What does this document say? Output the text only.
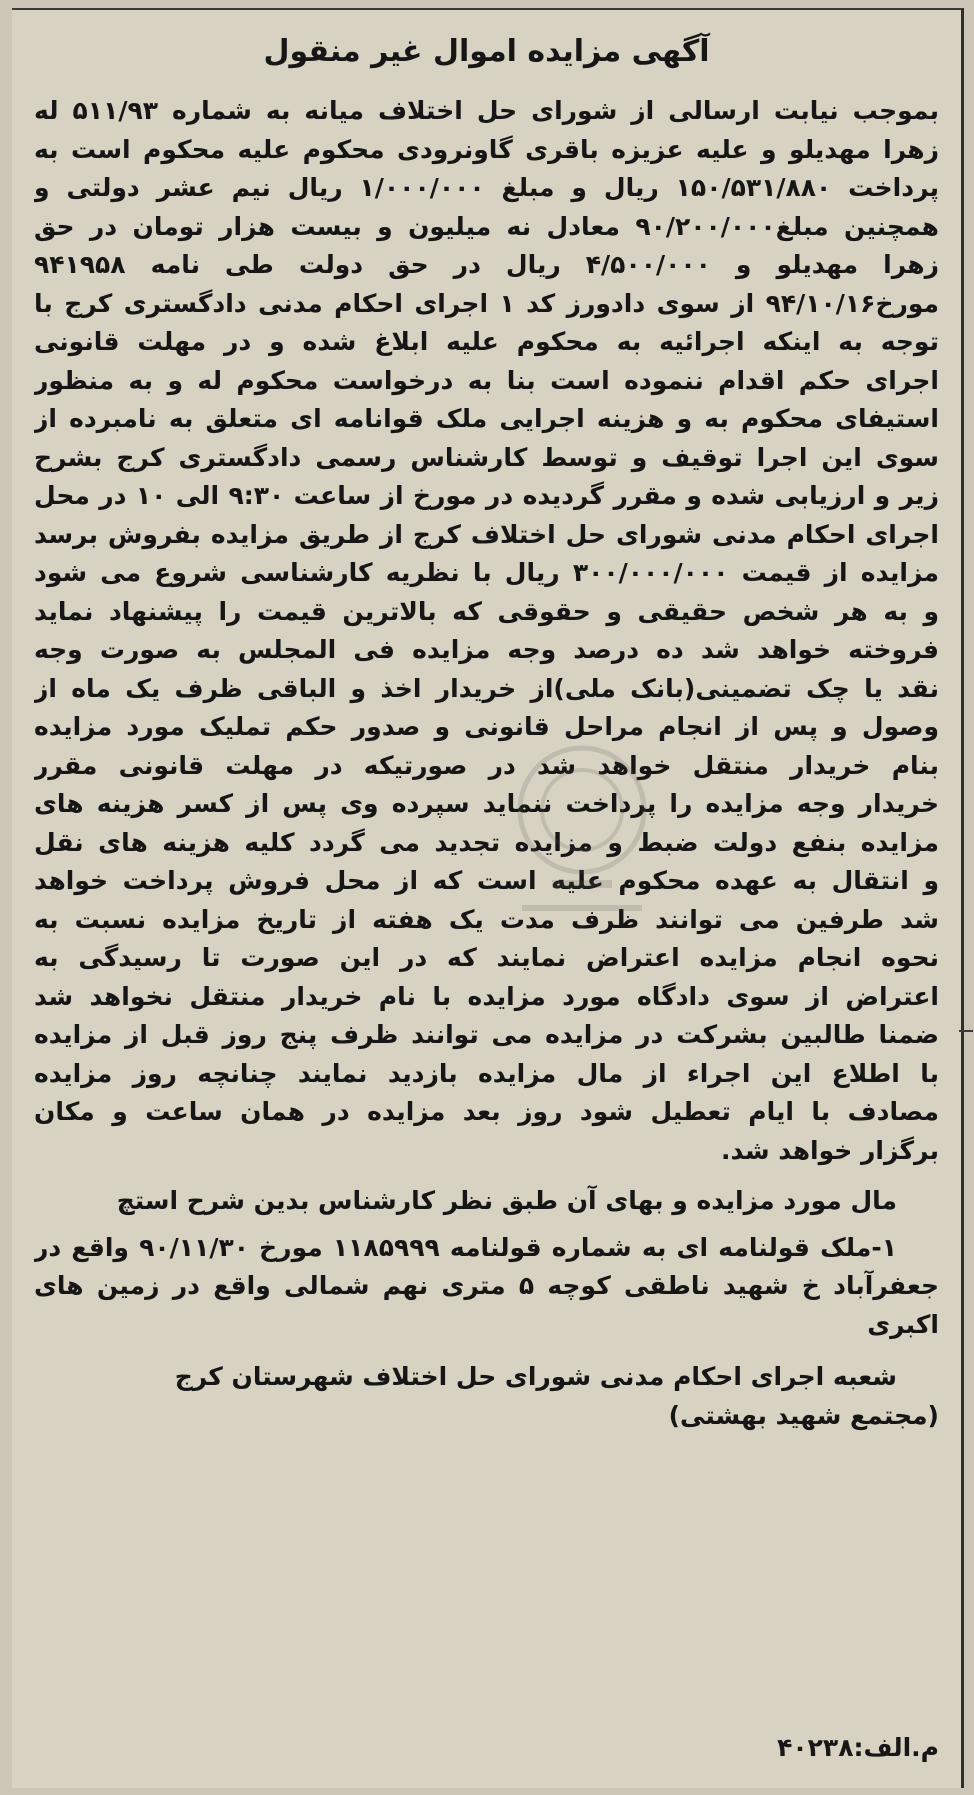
آگهی مزایده اموال غیر منقول
بموجب نیابت ارسالی از شورای حل اختلاف میانه به شماره ۵۱۱/۹۳ له
زهرا مهدیلو و علیه عزیزه باقری گاونرودی محکوم علیه محکوم است به
پرداخت ۱۵۰/۵۳۱/۸۸۰ ریال و مبلغ ۱/۰۰۰/۰۰۰ ریال نیم عشر دولتی و
همچنین مبلغ۹۰/۲۰۰/۰۰۰ معادل نه میلیون و بیست هزار تومان در حق
زهرا مهدیلو و ۴/۵۰۰/۰۰۰ ریال در حق دولت طی نامه ۹۴۱۹۵۸
مورخ۹۴/۱۰/۱۶ از سوی دادورز کد ۱ اجرای احکام مدنی دادگستری کرج با
توجه به اینکه اجرائیه به محکوم علیه ابلاغ شده و در مهلت قانونی
اجرای حکم اقدام ننموده است بنا به درخواست محکوم له و به منظور
استیفای محکوم به و هزینه اجرایی ملک قوانامه ای متعلق به نامبرده از
سوی این اجرا توقیف و توسط کارشناس رسمی دادگستری کرج بشرح
زیر و ارزیابی شده و مقرر گردیده در مورخ از ساعت ۹:۳۰ الی ۱۰ در محل
اجرای احکام مدنی شورای حل اختلاف کرج از طریق مزایده بفروش برسد
مزایده از قیمت ۳۰۰/۰۰۰/۰۰۰ ریال با نظریه کارشناسی شروع می شود
و به هر شخص حقیقی و حقوقی که بالاترین قیمت را پیشنهاد نماید
فروخته خواهد شد ده درصد وجه مزایده فی المجلس به صورت وجه
نقد یا چک تضمینی(بانک ملی)از خریدار اخذ و الباقی ظرف یک ماه از
وصول و پس از انجام مراحل قانونی و صدور حکم تملیک مورد مزایده
بنام خریدار منتقل خواهد شد در صورتیکه در مهلت قانونی مقرر
خریدار وجه مزایده را پرداخت ننماید سپرده وی پس از کسر هزینه های
مزایده بنفع دولت ضبط و مزایده تجدید می گردد کلیه هزینه های نقل
و انتقال به عهده محکوم علیه است که از محل فروش پرداخت خواهد
شد طرفین می توانند ظرف مدت یک هفته از تاریخ مزایده نسبت به
نحوه انجام مزایده اعتراض نمایند که در این صورت تا رسیدگی به
اعتراض از سوی دادگاه مورد مزایده با نام خریدار منتقل نخواهد شد
ضمنا طالبین بشرکت در مزایده می توانند ظرف پنج روز قبل از مزایده
با اطلاع این اجراء از مال مزایده بازدید نمایند چنانچه روز مزایده
مصادف با ایام تعطیل شود روز بعد مزایده در همان ساعت و مکان
برگزار خواهد شد.
مال مورد مزایده و بهای آن طبق نظر کارشناس بدین شرح استچ
۱-ملک قولنامه ای به شماره قولنامه ۱۱۸۵۹۹۹ مورخ ۹۰/۱۱/۳۰ واقع در
جعفرآباد خ شهید ناطقی کوچه ۵ متری نهم شمالی واقع در زمین های
اکبری
شعبه اجرای احکام مدنی شورای حل اختلاف شهرستان کرج
(مجتمع شهید بهشتی)
م.الف:۴۰۲۳۸
